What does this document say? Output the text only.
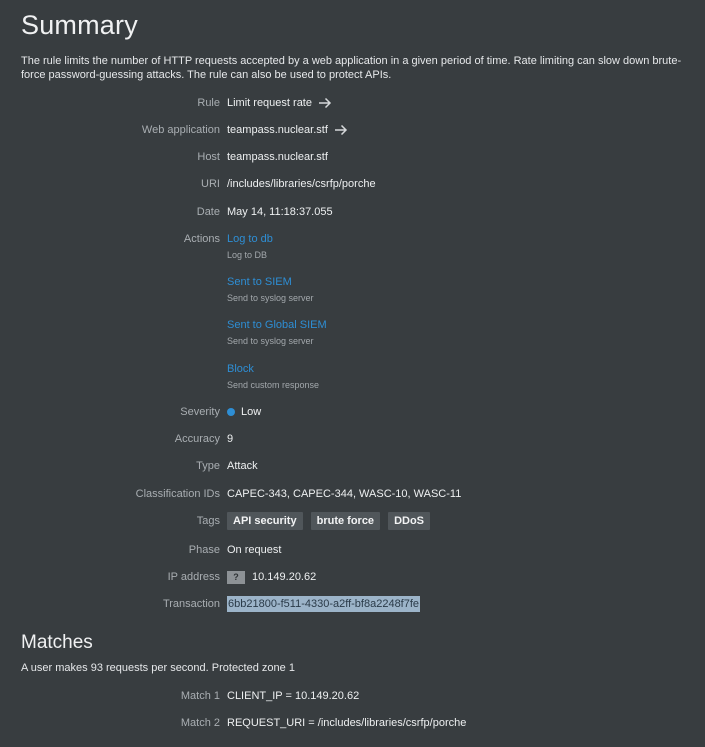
Summary

The rule limits the number of HTTP requests accepted by a web application in a given period of time. Rate limiting can slow down brute-force password-guessing attacks. The rule can also be used to protect APIs.

Rule Limit request rate
Web application teampass.nuclear.stf
Host teampass.nuclear.stf
URI /includes/libraries/csrfp/porche
Date May 14, 11:18:37.055
Actions Log to db
Log to DB
Sent to SIEM
Send to syslog server
Sent to Global SIEM
Send to syslog server
Block
Send custom response
Severity Low
Accuracy 9
Type Attack
Classification IDs CAPEC-343, CAPEC-344, WASC-10, WASC-11
Tags	API security	brute force	DDoS
Phase On request
IP address	?	10.149.20.62
Transaction 6bb21800-f511-4330-a2ff-bf8a2248f7fe
Matches

A user makes 93 requests per second. Protected zone 1

Match 1 CLIENT_IP = 10.149.20.62
Match 2 REQUEST_URI = /includes/libraries/csrfp/porche
